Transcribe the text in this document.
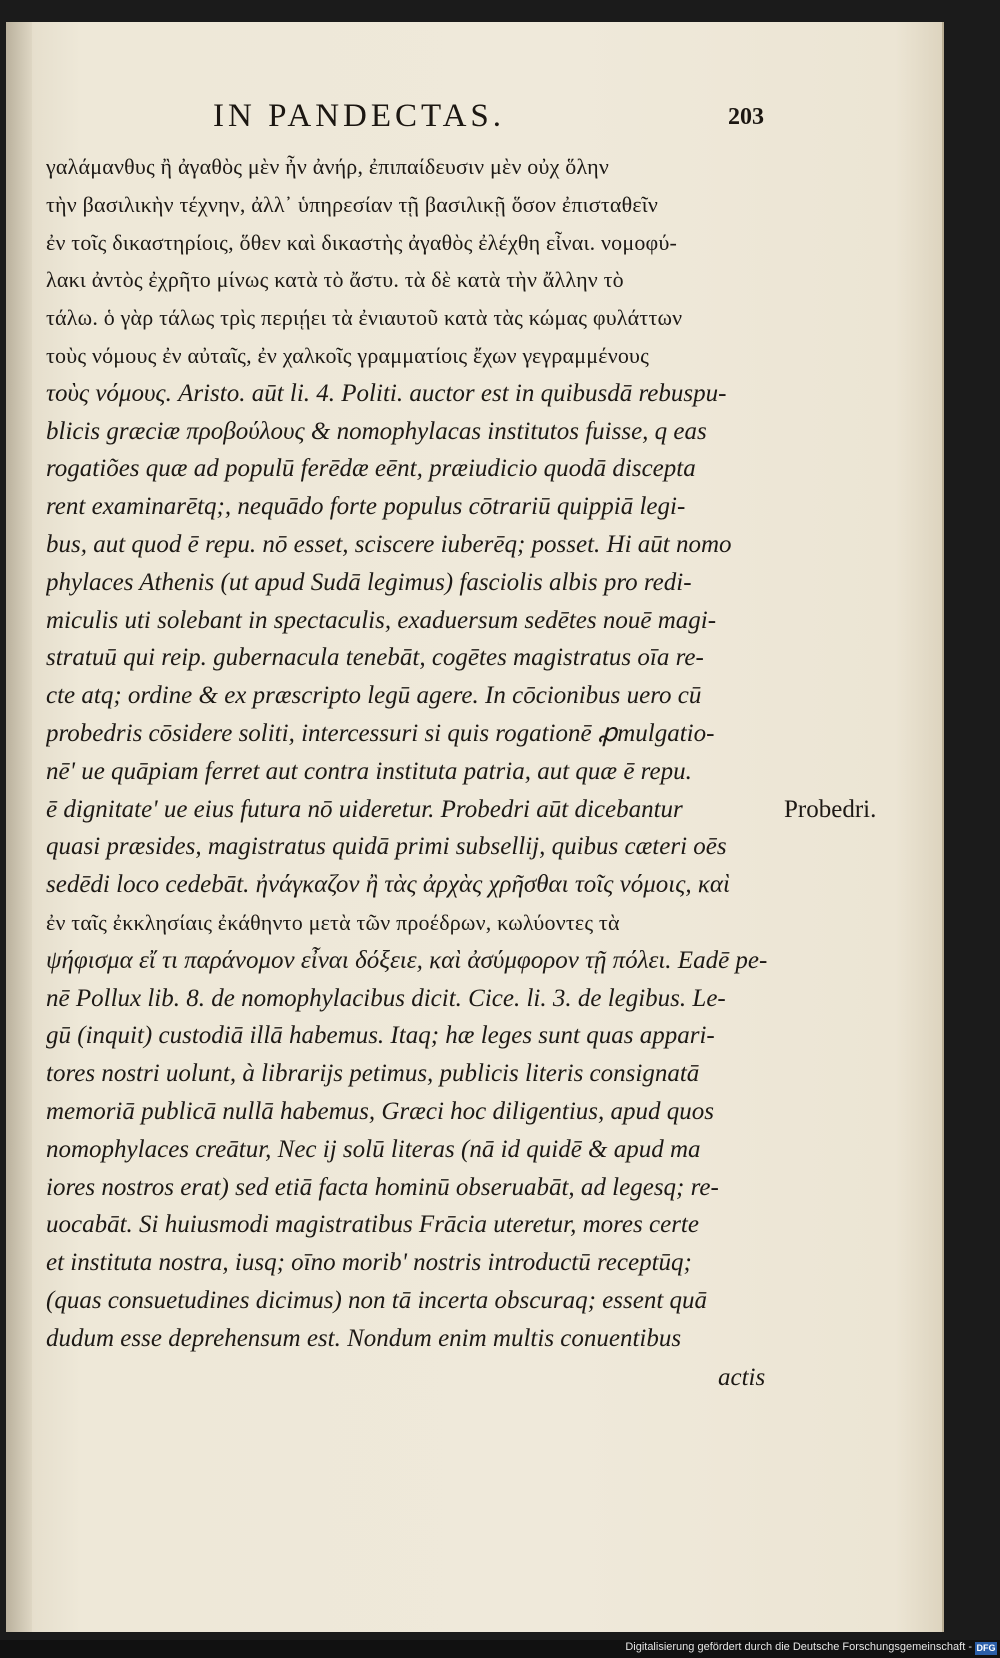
IN PANDECTAS.	203
γαλάμανθυς ἢ ἀγαθὸς μὲν ἦν ἀνήρ, ἐπιπαίδευσιν μὲν οὐχ ὅλην
τὴν βασιλικὴν τέχνην, ἀλλ᾽ ὑπηρεσίαν τῇ βασιλικῇ ὅσον ἐπισταθεῖν
ἐν τοῖς δικαστηρίοις, ὅθεν καὶ δικαστὴς ἀγαθὸς ἐλέχθη εἶναι. νομοφύ-
λακι ἀντὸς ἐχρῆτο μίνως κατὰ τὸ ἄστυ. τὰ δὲ κατὰ τὴν ἄλλην τὸ
τάλω. ὁ γὰρ τάλως τρὶς περιῄει τὰ ἐνιαυτοῦ κατὰ τὰς κώμας φυλάττων
τοὺς νόμους ἐν αὐταῖς, ἐν χαλκοῖς γραμματίοις ἔχων γεγραμμένους
τοὺς νόμους. Aristo. aūt li. 4. Politi. auctor est in quibusdā rebuspu-
blicis græciæ προβούλους & nomophylacas institutos fuisse, q eas
rogatiões quæ ad populū ferēdæ eēnt, præiudicio quodā discepta
rent examinarētq;, nequādo forte populus cōtrariū quippiā legi-
bus, aut quod ē repu. nō esset, sciscere iuberēq; posset. Hi aūt nomo
phylaces Athenis (ut apud Sudā legimus) fasciolis albis pro redi-
miculis uti solebant in spectaculis, exaduersum sedētes nouē magi-
stratuū qui reip. gubernacula tenebāt, cogētes magistratus oīa re-
cte atq; ordine & ex præscripto legū agere. In cōcionibus uero cū
probedris cōsidere soliti, intercessuri si quis rogationē ꝓmulgatio-
nē' ue quāpiam ferret aut contra instituta patria, aut quæ ē repu.
ē dignitate' ue eius futura nō uideretur. Probedri aūt dicebantur
quasi præsides, magistratus quidā primi subsellij, quibus cæteri oēs
sedēdi loco cedebāt. ἠνάγκαζον ἢ τὰς ἀρχὰς χρῆσθαι τοῖς νόμοις, καὶ
ἐν ταῖς ἐκκλησίαις ἐκάθηντο μετὰ τῶν προέδρων, κωλύοντες τὰ
ψήφισμα εἴ τι παράνομον εἶναι δόξειε, καὶ ἀσύμφορον τῇ πόλει. Eadē pe-
nē Pollux lib. 8. de nomophylacibus dicit. Cice. li. 3. de legibus. Le-
gū (inquit) custodiā illā habemus. Itaq; hæ leges sunt quas appari-
tores nostri uolunt, à librarijs petimus, publicis literis consignatā
memoriā publicā nullā habemus, Græci hoc diligentius, apud quos
nomophylaces creātur, Nec ij solū literas (nā id quidē & apud ma
iores nostros erat) sed etiā facta hominū obseruabāt, ad legesq; re-
uocabāt. Si huiusmodi magistratibus Frācia uteretur, mores certe
et instituta nostra, iusq; oīno morib' nostris introductū receptūq;
(quas consuetudines dicimus) non tā incerta obscuraq; essent quā
dudum esse deprehensum est. Nondum enim multis conuentibus
Probedri.
actis
Digitalisierung gefördert durch die Deutsche Forschungsgemeinschaft - DFG
